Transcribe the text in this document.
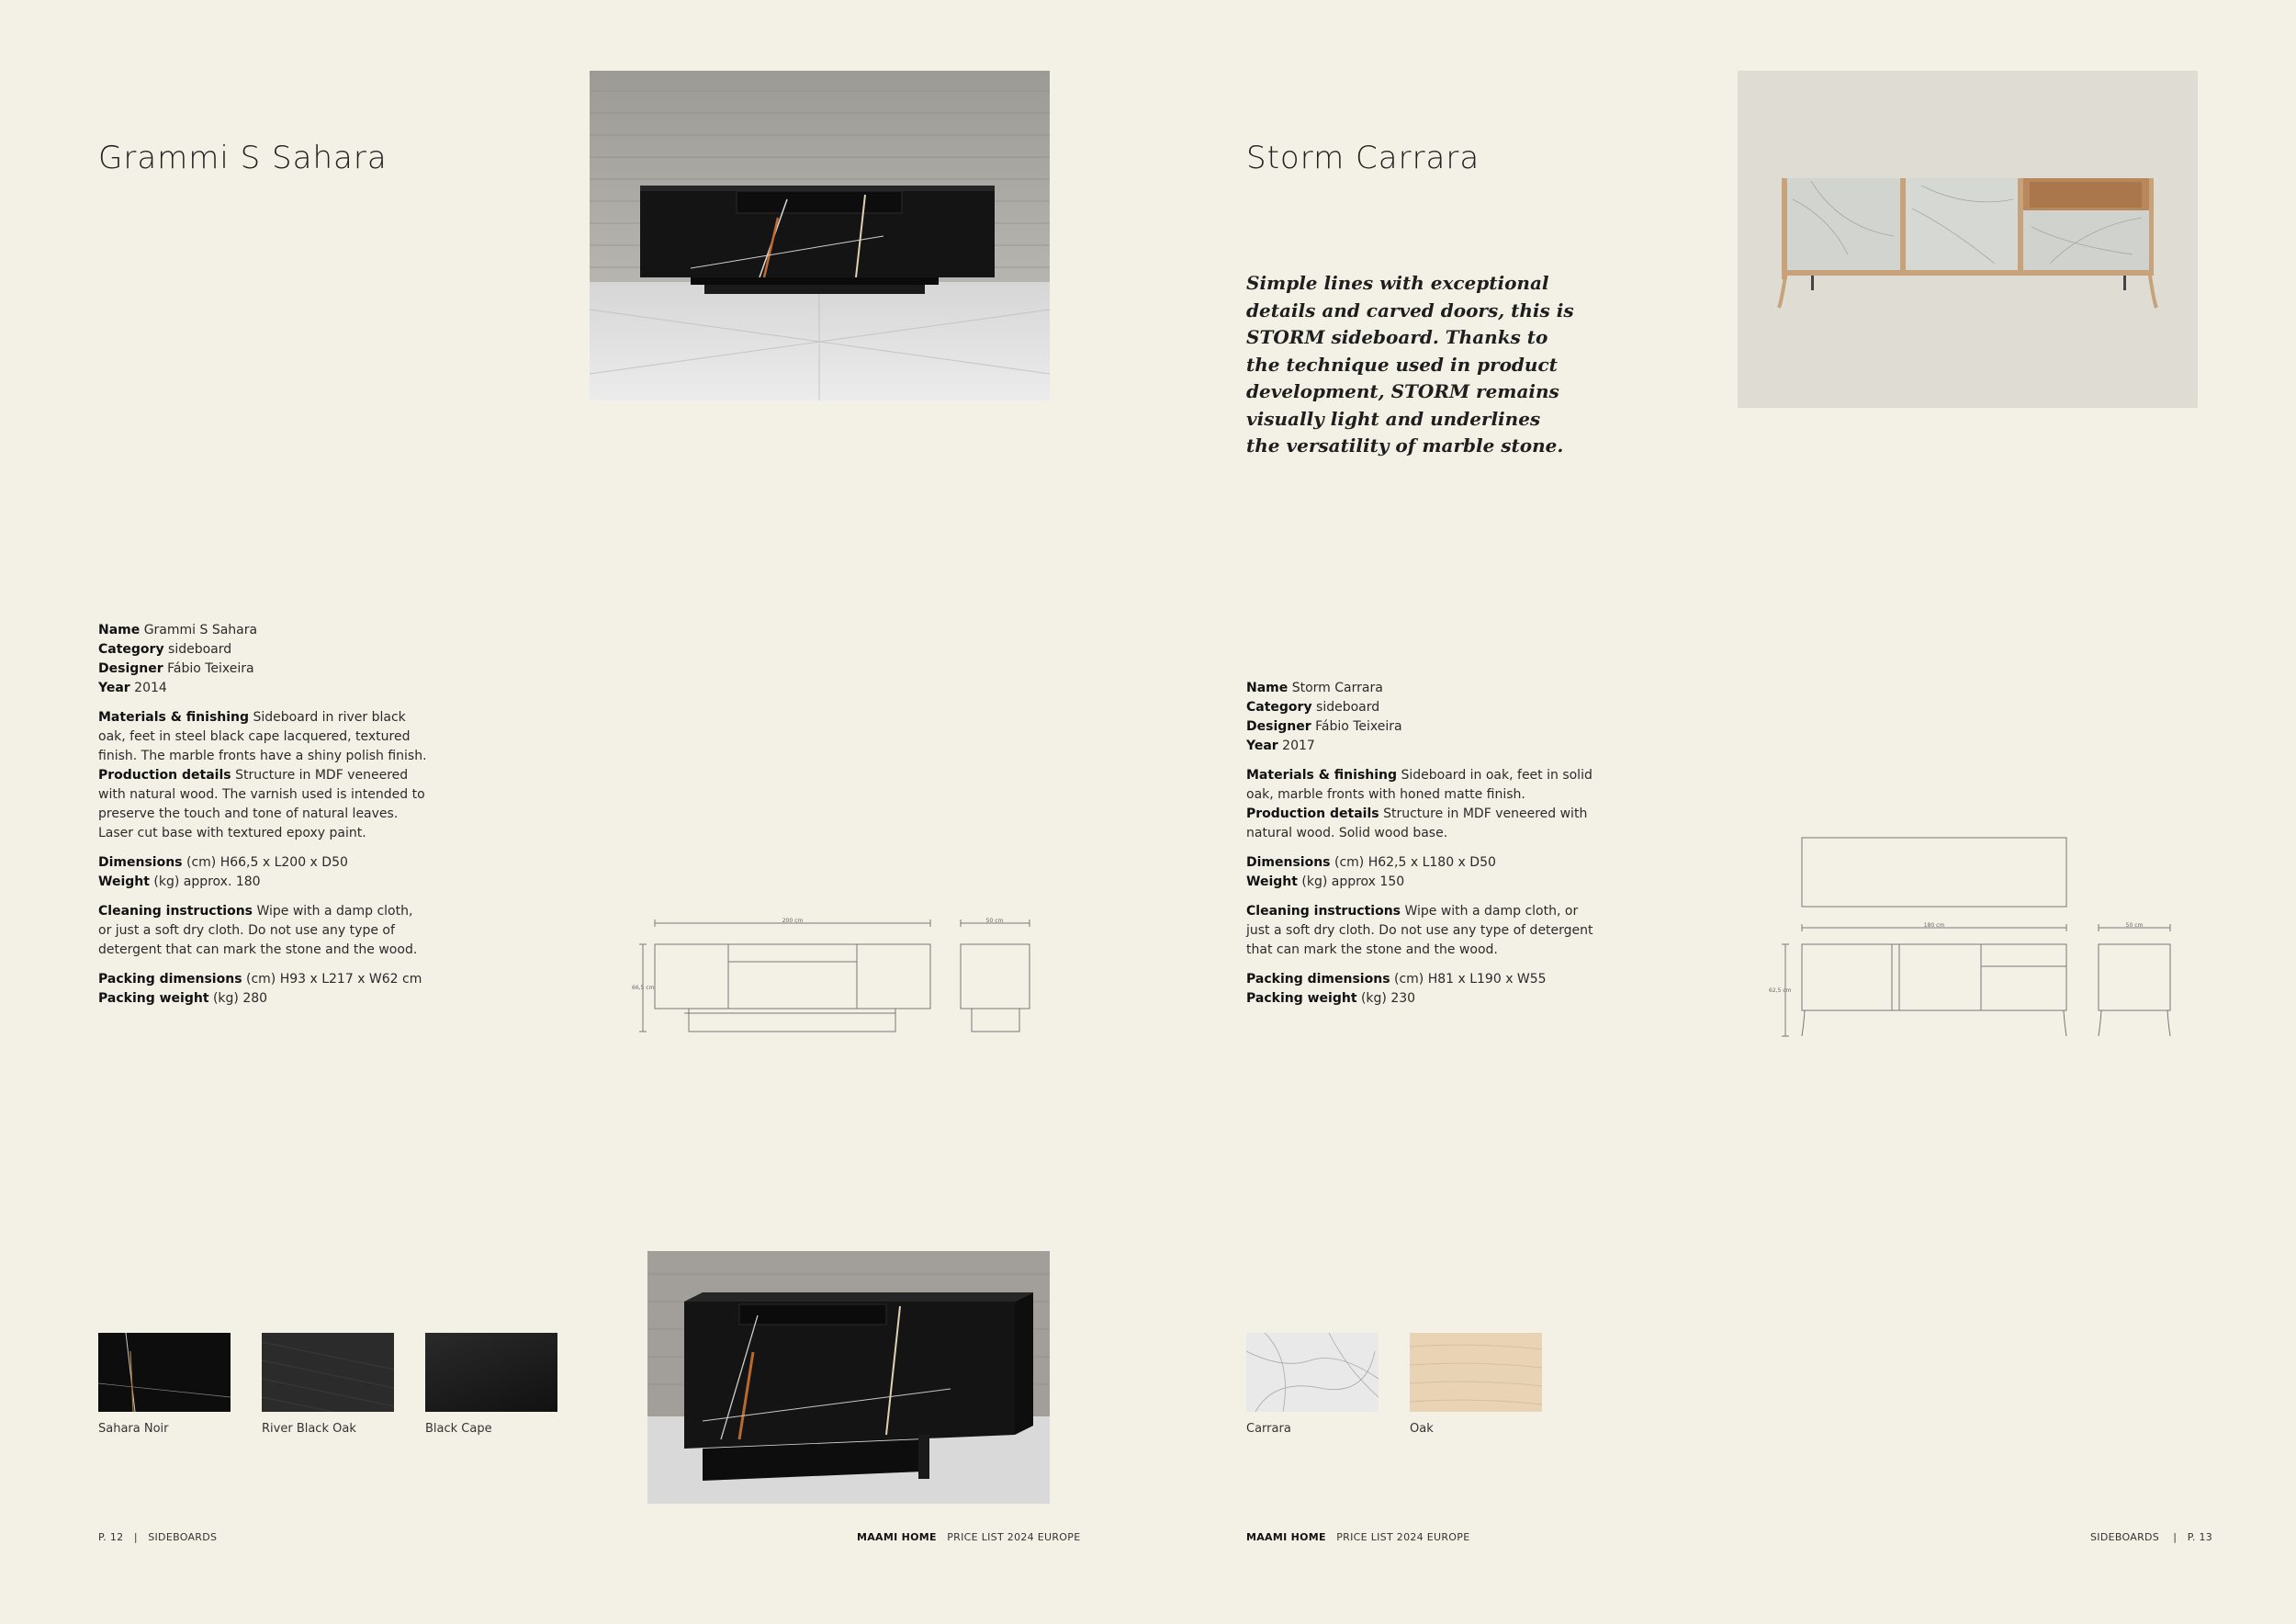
Grammi S Sahara

Name Grammi S Sahara
Category sideboard
Designer Fábio Teixeira
Year 2014

Materials & finishing Sideboard in river black oak, feet in steel black cape lacquered, textured finish. The marble fronts have a shiny polish finish.
Production details Structure in MDF veneered with natural wood. The varnish used is intended to preserve the touch and tone of natural leaves. Laser cut base with textured epoxy paint.

Dimensions (cm) H66,5 x L200 x D50
Weight (kg) approx. 180

Cleaning instructions Wipe with a damp cloth, or just a soft dry cloth. Do not use any type of detergent that can mark the stone and the wood.

Packing dimensions (cm) H93 x L217 x W62 cm
Packing weight (kg) 280

200 cm
66,5 cm
50 cm
Sahara Noir	River Black Oak	Black Cape
P. 12 | SIDEBOARDS	MAAMI HOME PRICE LIST 2024 EUROPE
Storm Carrara
Simple lines with exceptional details and carved doors, this is STORM sideboard. Thanks to the technique used in product development, STORM remains visually light and underlines the versatility of marble stone.

Name Storm Carrara
Category sideboard
Designer Fábio Teixeira
Year 2017

Materials & finishing Sideboard in oak, feet in solid oak, marble fronts with honed matte finish.
Production details Structure in MDF veneered with natural wood. Solid wood base.

Dimensions (cm) H62,5 x L180 x D50
Weight (kg) approx 150

Cleaning instructions Wipe with a damp cloth, or just a soft dry cloth. Do not use any type of detergent that can mark the stone and the wood.

Packing dimensions (cm) H81 x L190 x W55
Packing weight (kg) 230

180 cm
62,5 cm
50 cm
Carrara	Oak
MAAMI HOME PRICE LIST 2024 EUROPE	SIDEBOARDS | P. 13
